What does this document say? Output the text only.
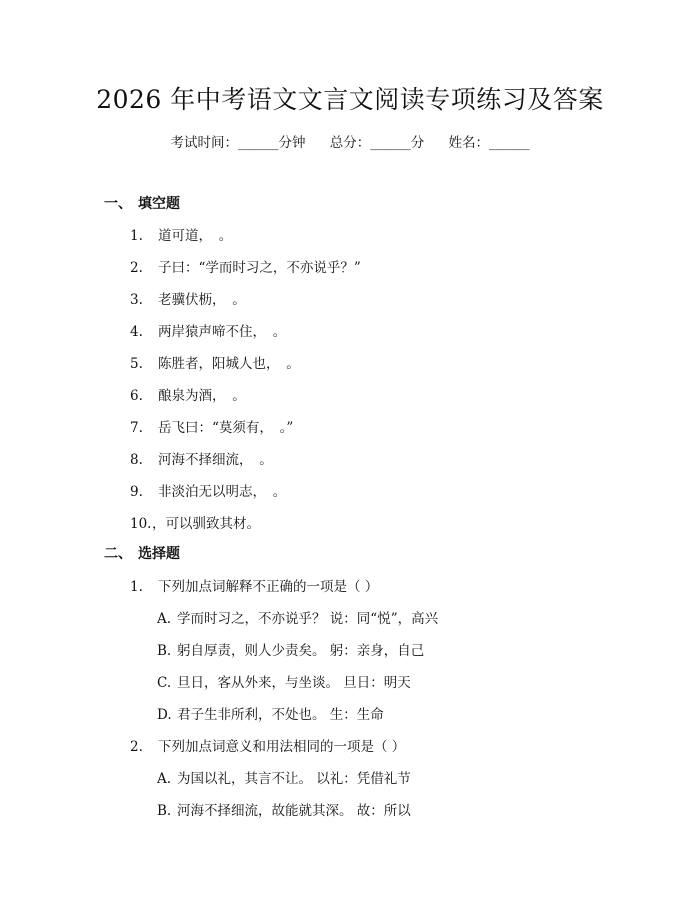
2026 年中考语文文言文阅读专项练习及答案
考试时间：______分钟 总分：______分 姓名：______
一、 填空题
1. 道可道，　。
2. 子曰：“学而时习之，不亦说乎？”
3. 老骥伏枥，　。
4. 两岸猿声啼不住，　。
5. 陈胜者，阳城人也，　。
6. 酿泉为酒，　。
7. 岳飞曰：“莫须有，　。”
8. 河海不择细流，　。
9. 非淡泊无以明志，　。
10.，可以驯致其材。
二、 选择题
1. 下列加点词解释不正确的一项是（ ）
A. 学而时习之，不亦说乎？ 说：同“悦”，高兴
B. 躬自厚责，则人少责矣。 躬：亲身，自己
C. 旦日，客从外来，与坐谈。 旦日：明天
D. 君子生非所利，不处也。 生：生命
2. 下列加点词意义和用法相同的一项是（ ）
A. 为国以礼，其言不让。 以礼：凭借礼节
B. 河海不择细流，故能就其深。 故：所以
